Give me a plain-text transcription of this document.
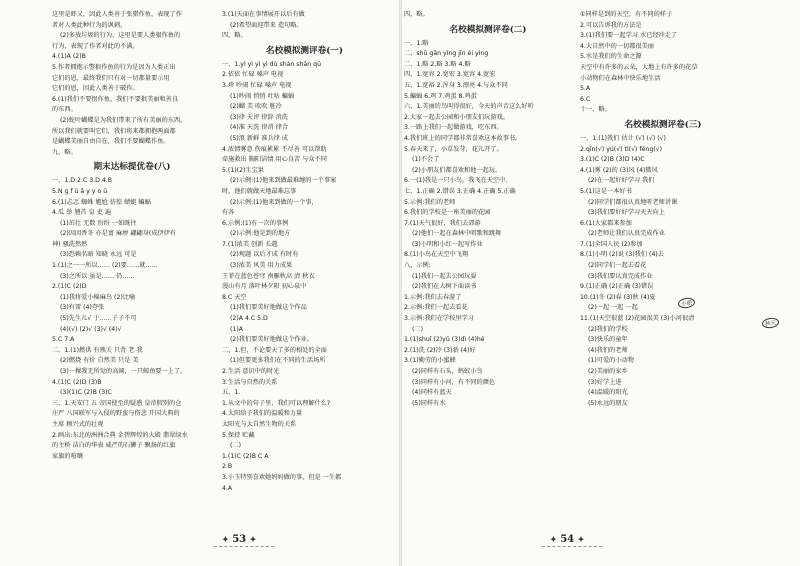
这里是虾又，因此人类善于张猎作鱼，表现了作
者对人类此种行为的讽刺。
(2)多放垃圾的行为，这里是要人类狠作鱼的
行为，表现了作者对此的不满。
4.(1)A (2)B
5.作者拥抱示警狠作鱼的行为是因为人类正出
它们的恩，最终我们只有对一切都量要示用
它们的恩，因此人类善于破作。
6.(1)我们不要恨作鱼，我们不要狠美丽和善良
的东西。
(2)蛇叶蝴蝶是为我们带来了所有美丽的东西，
所以我们就要叫它们，我们将来都拥抱两面都
是蝴蝶美丽自由自在，我们不要蝴蝶作鱼。
九、略。
期末达标提优卷(八)
一、1.D 2.C 3.D 4.B
5.N ɡ f ü ǎ y y o ü
6.(1)忐忑 蜘蛛 尴尬 彷徨 蜻蜓 蝙蝠
4.瓜 举 翘首 皇 吏 遍
(1)茁壮 无数 纷纷 一如既往
(2)因因香冬 亦是富 麻痹 翩翩身(成伊伊有
神) 骚洗然然
(3)恐赖名暗 知晓 永远 可是
1.(1)之一一所以…… (2)要……就……
(3)之所以 虽是…… 仍……
2.(1)C (2)D
(1)我将爱小棉麻鸟 (2)比喻
(3)有雷 (4)夸张
(5)先生儿√ 于……子子不可
(4)(√) (2)√ (3)√ (4)√
5.C 7.A
二、1.(1)燃供 有熟关 只背 老 我
(2)燃烧 有价 自然美 只是 美
(3)一棵我无所觉的高阔，一只鲸鱼要一上了。
4.(1)C (2)D (3)B
(3)(1)C (2)B (3)C
三、1.天安门 五 帝国使至的疑惑 皇帝假别的仓
庄严 八国联军与入侵的野蛮与伤悲 开国大典的
主席 顾兴式的壮观
2.画出:东北的洲洲合典 金碧辉煌的大殿 翡翠绿水
的主桥 洁白的华表 威严的石狮子 飘扬的红旗
家旗的喧嚷
3.(1)天面在事情展开以后有做
(2)希望面迎带来 造句略。
四、略。
名校模拟测评卷(一)
一、1.yì yì yì yì dù shàn shān qū
2.依依 忙碌 嗓声 电视
3.珍 吵闹 忙碌 嗓声 电视
(1)吵闹 悄悄 吐咕 蝙蝠
(2)蝴 美 吹吹 脏冷
(3)律 天评 律辞 消洗
(4)准 天洗 律消 律合
(5)浪 新鲜 准兵律 成
4.浓情雾意 伤痕累累 不尽善 可以帮助
牵施救出 胸阳洁情 用心良苦 与众不同
5.(1)(2)生宝果
(2)示例:(1)他来到做最难缠的一个事案
时，他们就做天地最难忘事
(2)示例:(1)他来到做的一个事，
有各
6.示例:(1)有一次的事例
(2)示例:他是到的地方
7.(1)浓美 创新 长蔻
(2)观题 以后才成 有时有
(3)浓美 风美 用力成果
王菲在蓝色苍穹 南雁秋高 清 秋衣
漫山有月 落叶林夕阳 初心泉中
8.C 天空
(1)我们要美好地做这个作品
(2)A 4.C 5.D
(1)A
(2)我们要美好地做这个作业。
二、1.但，不论要天了多的相处的全面
(1)但要更多我们在不同的生活场所
2.生活 意识中的时光
3.生活与自然的关系
五、1.
1.从文中的句子里，我们可以理解什么?
4.太阳给予我们的温暖和力量
太阳光与大自然生物的关系
5.保持 贮藏
(二)
1.(1)C (2)B C A
2.B
3.小玉特别喜欢她妈妈做的事，但是 一生都
4.A
四、略。
名校模拟测评卷(二)
一、1.略
二、shǔ gān yǐng jīn éi yìng
二、1.略 2.略 3.略 4.略
四、1.宽容 2.宽宏 3.宽容 4.宽宏
五、1.宽裕 2.浑身 3.漂亮 4.与众不同
5.蝙蝠 6.鸡 7.鸡蛋 8.鸡蛋
六、1.美丽的鸟叫得很好，今天的声音这么好听
2.大家一起去公园和小朋友们玩游戏。
3.一路上我们一起做游戏，吃东西。
4.我们班上的同学都非常喜欢这本故事书。
5.春天来了，小草发芽，花儿开了。
(1)不会了
(2)小朋友们都喜欢和他一起玩。
6.一(1)我是一只小鸟，我飞在天空中。
七、1.正确 2.错误 3.正确 4.正确 5.正确
5.示例:我们的老师
6.我们的学校是一座美丽的花园
7.(1)天气很好，我们去郊游
(2)他们一起在森林中唱歌和跳舞
(3)小明和小红一起写作业
8.(1)小鸟在天空中飞翔
八、示例:
(1)我们一起去公园玩耍
(2)我们在大树下面读书
1.示例:我们去春游了
2.示例:我们一起去看花
3.示例:我们在学校里学习
(二)
1.(1)shuǐ (2)yǔ (3)dì (4)hé
2.(1)洗 (2)冷 (3)新 (4)好
3.(1)勤劳的小蜜蜂
(2)同样有石头，蚂蚁小鸟
(3)同样有小河，有不同的颜色
(4)同样有蓝天
(5)同样有水
①同样是到的天空，有不同的样子
2.可以告诉我的方法是
3.(1)我们要一起学习 水已经冲走了
4.大自然中的一切都很美丽
5.水是我们的生命之源
天空中有许多的云朵，大地上有许多的花草
小动物们在森林中快乐地生活
5.A
6.C
十一、略。
名校模拟测评卷(三)
一、1.(1)我们 估计 (√) (√) (√)
2.qīn(√) yú(√) tì(√) fēng(√)
3.(1)C (2)B (3)D (4)C
4.(1)雾 (2)的 (3)风 (4)微风
(2)在一起好好学习 我们
5.(1)这是一本好书
(2)同学们都很认真地听老师讲课
(3)我们要好好学习天天向上
6.(1)大家都来参加
(2)老师让我们认真完成作业
7.(1)全国人民 (2)参加
8.(1)小明 (2)说 (3)我们 (4)去
(2)同学们一起去看花
(3)我们要认真完成作业
9.(1)正确 (2)正确 (3)错误
10.(1)冬 (2)春 (3)秋 (4)夏
(2)一起 一起 一起
11.(1)天空很蓝 (2)花园很美 (3)小河很清
(2)我们的学校
(3)快乐的童年
(4)我们的老师
(1)可爱的小动物
(2)美丽的家乡
(3)好学上进
(4)温暖的阳光
(5)永远的朋友
✦ 53 ✦	✦ 54 ✦
秋天
小朋
